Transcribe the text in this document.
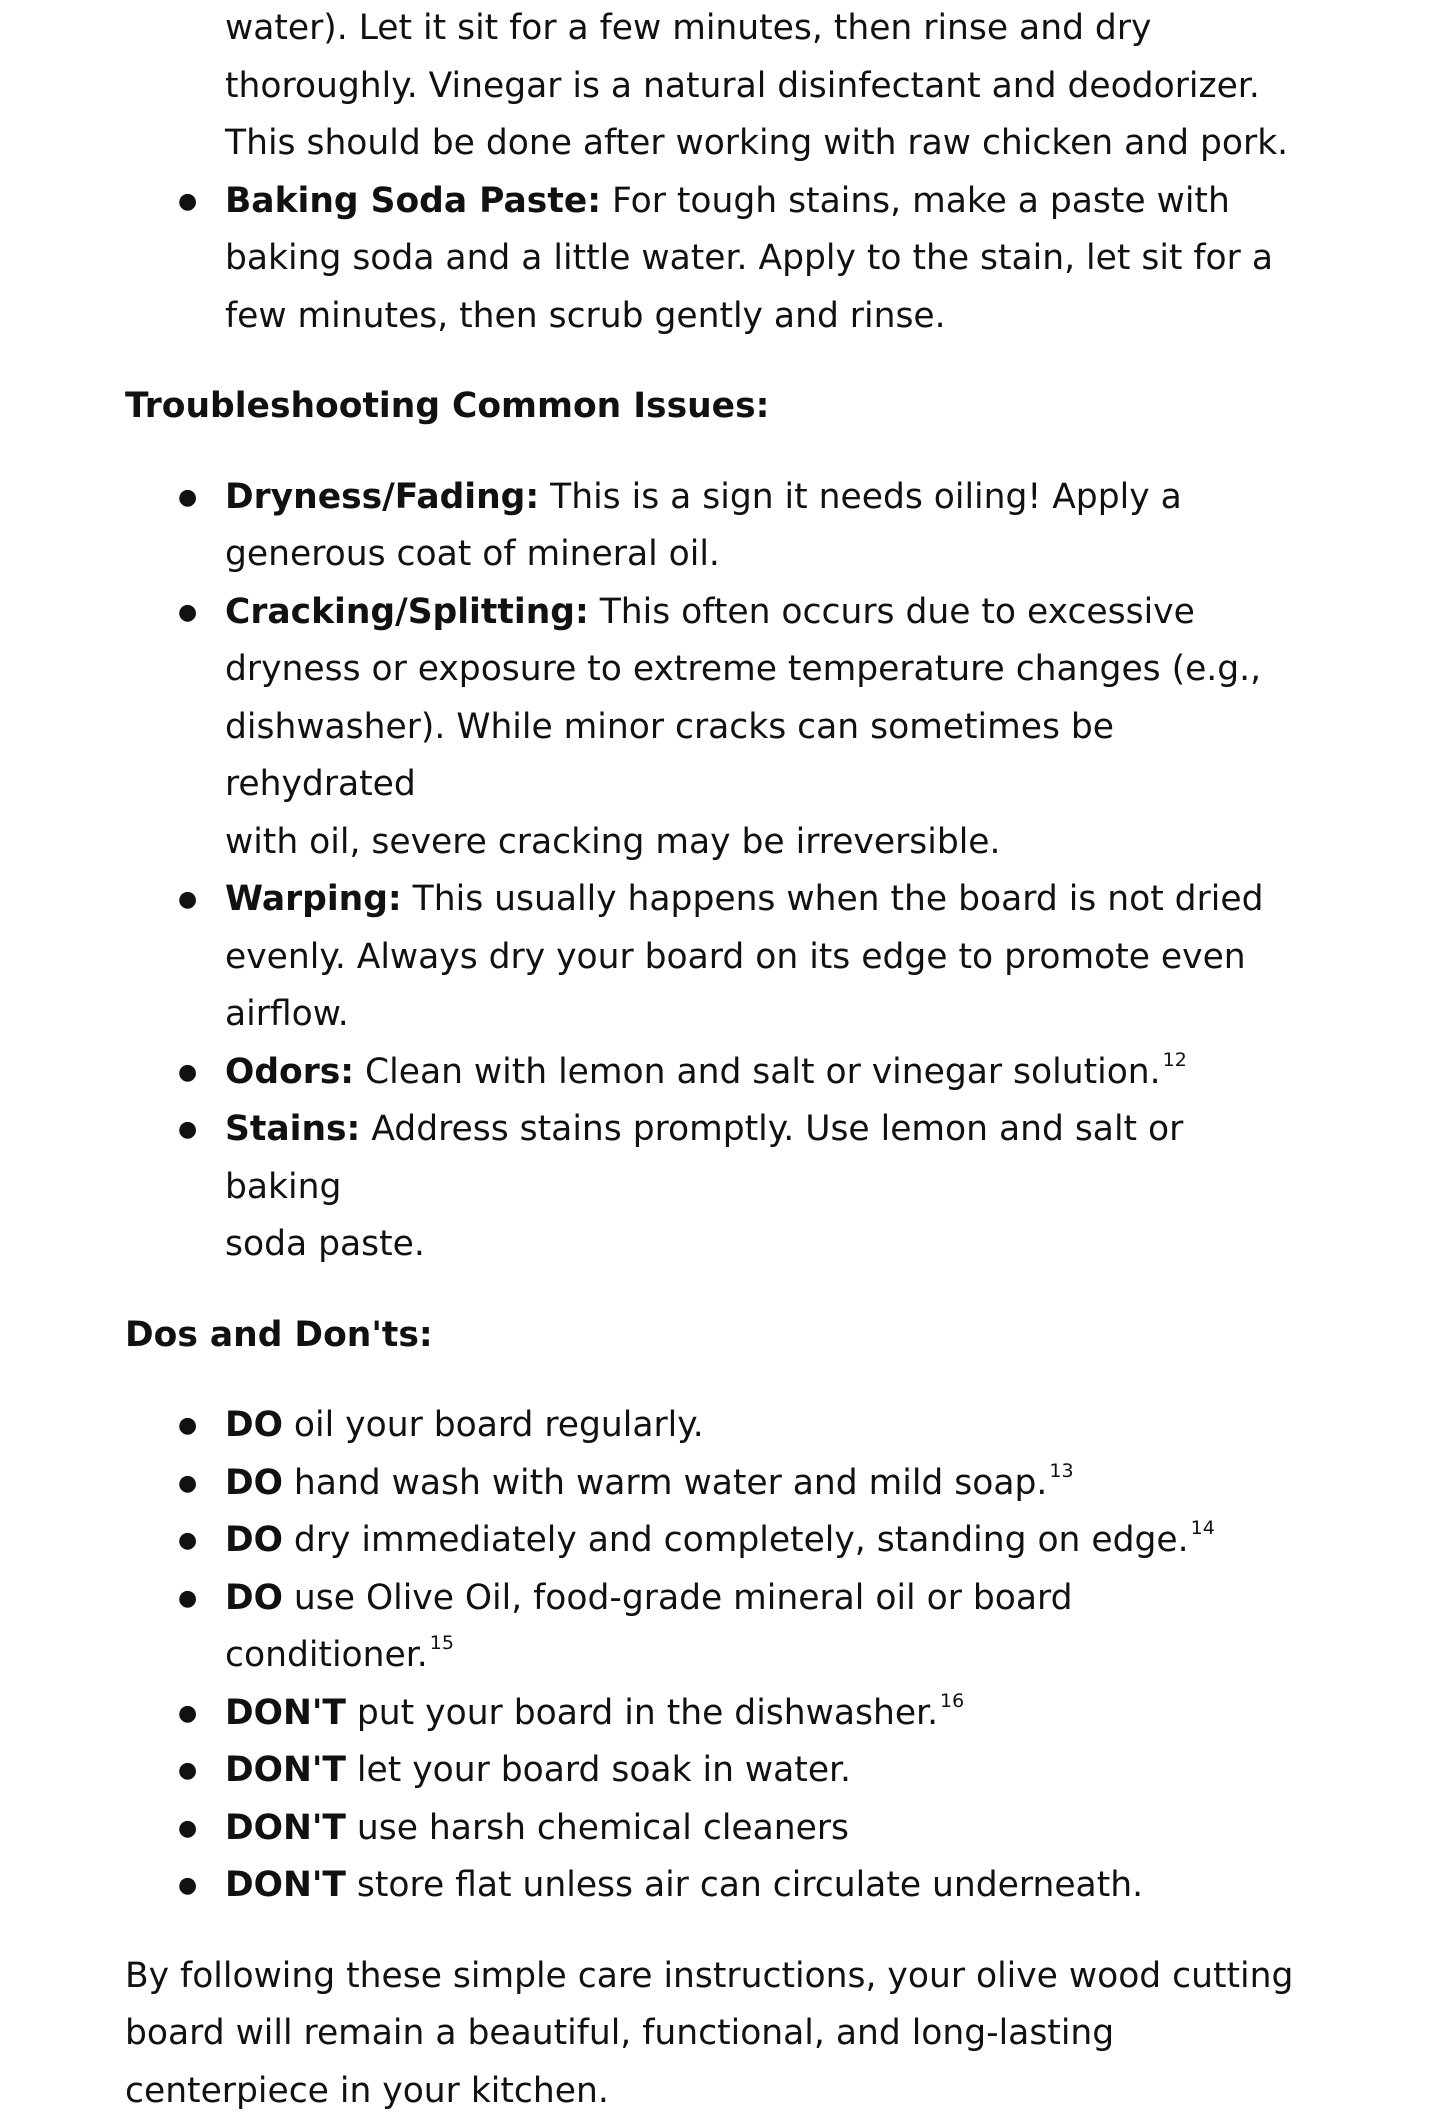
water). Let it sit for a few minutes, then rinse and dry
thoroughly. Vinegar is a natural disinfectant and deodorizer.
This should be done after working with raw chicken and pork.
● Baking Soda Paste: For tough stains, make a paste with
baking soda and a little water. Apply to the stain, let sit for a
few minutes, then scrub gently and rinse.

Troubleshooting Common Issues:

● Dryness/Fading: This is a sign it needs oiling! Apply a
generous coat of mineral oil.
● Cracking/Splitting: This often occurs due to excessive
dryness or exposure to extreme temperature changes (e.g.,
dishwasher). While minor cracks can sometimes be rehydrated
with oil, severe cracking may be irreversible.
● Warping: This usually happens when the board is not dried
evenly. Always dry your board on its edge to promote even
airflow.
● Odors: Clean with lemon and salt or vinegar solution. $^{12}$
● Stains: Address stains promptly. Use lemon and salt or baking
soda paste.

Dos and Don'ts:

● DO oil your board regularly.
● DO hand wash with warm water and mild soap. $^{13}$
● DO dry immediately and completely, standing on edge. $^{14}$
● DO use Olive Oil, food-grade mineral oil or board
conditioner. $^{15}$
● DON'T put your board in the dishwasher. $^{16}$
● DON'T let your board soak in water.
● DON'T use harsh chemical cleaners
● DON'T store flat unless air can circulate underneath.
By following these simple care instructions, your olive wood cutting
board will remain a beautiful, functional, and long-lasting
centerpiece in your kitchen.
